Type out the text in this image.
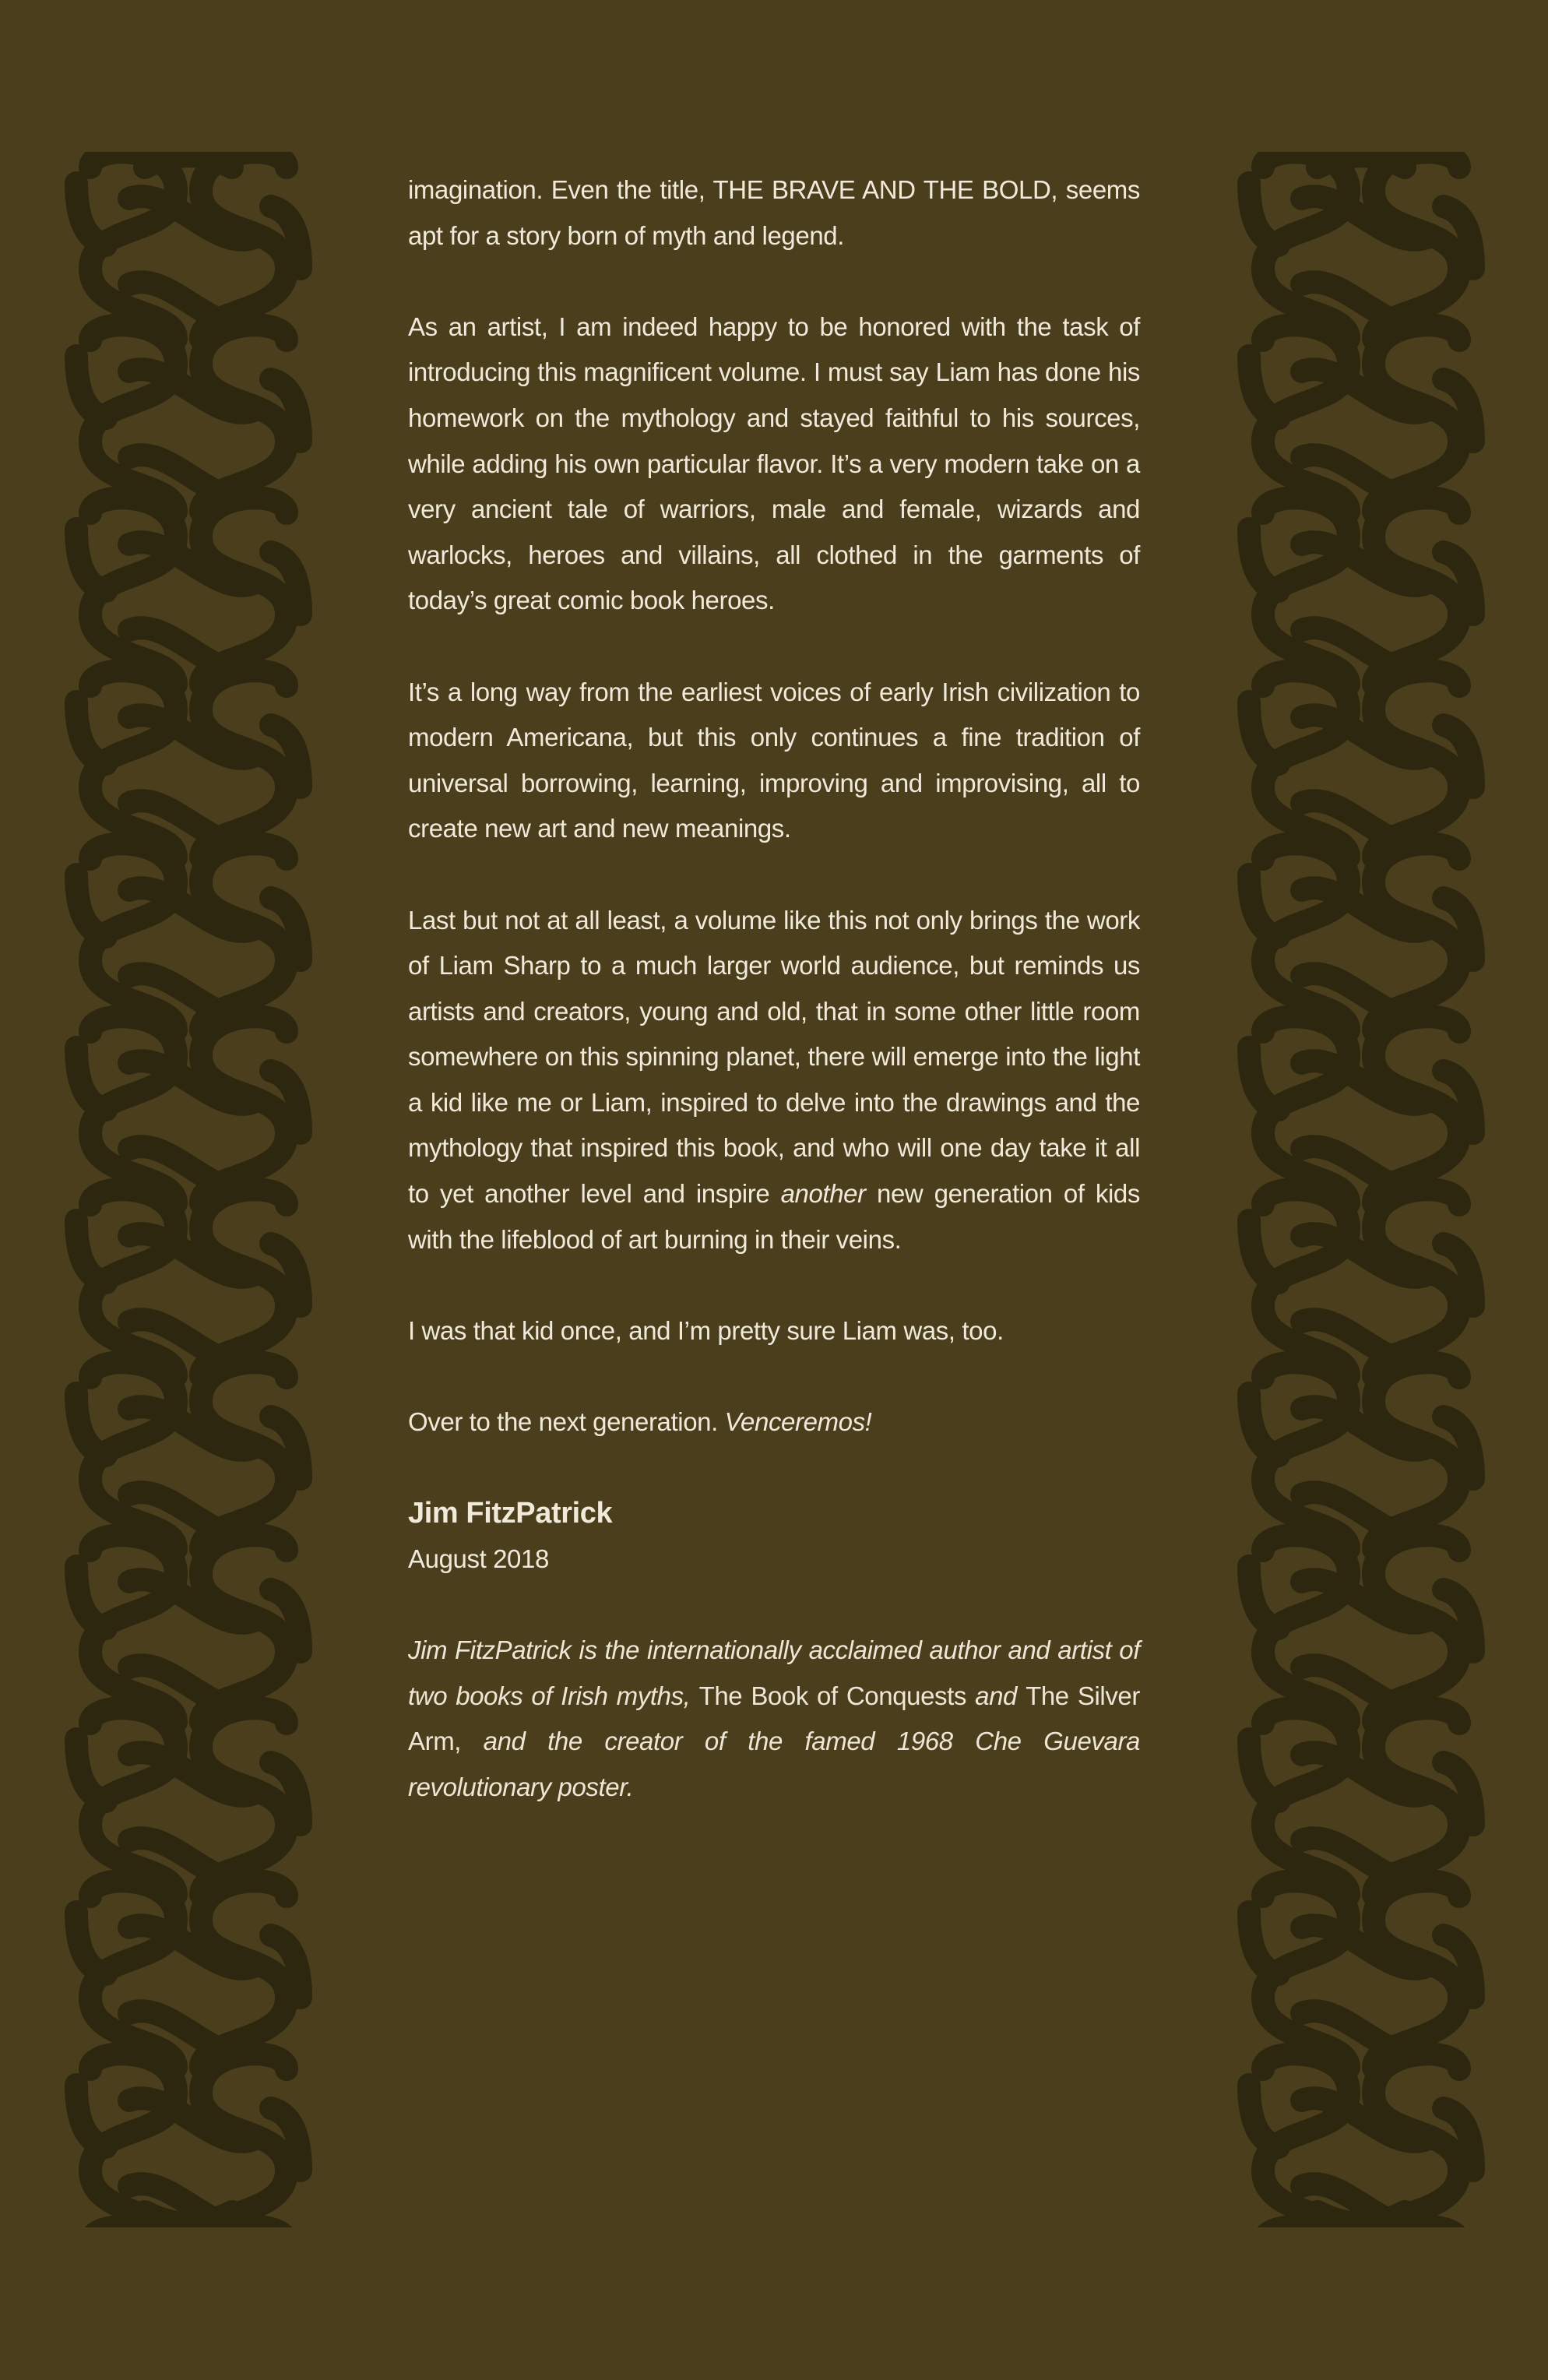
imagination. Even the title, THE BRAVE AND THE BOLD, seems apt for a story born of myth and legend.

As an artist, I am indeed happy to be honored with the task of introducing this magnificent volume. I must say Liam has done his homework on the mythology and stayed faithful to his sources, while adding his own particular flavor. It’s a very modern take on a very ancient tale of warriors, male and female, wizards and warlocks, heroes and villains, all clothed in the garments of today’s great comic book heroes.

It’s a long way from the earliest voices of early Irish civilization to modern Americana, but this only continues a fine tradition of universal borrowing, learning, improving and improvising, all to create new art and new meanings.

Last but not at all least, a volume like this not only brings the work of Liam Sharp to a much larger world audience, but reminds us artists and creators, young and old, that in some other little room somewhere on this spinning planet, there will emerge into the light a kid like me or Liam, inspired to delve into the drawings and the mythology that inspired this book, and who will one day take it all to yet another level and inspire another new generation of kids with the lifeblood of art burning in their veins.

I was that kid once, and I’m pretty sure Liam was, too.

Over to the next generation. Venceremos!

Jim FitzPatrick

August 2018

Jim FitzPatrick is the internationally acclaimed author and artist of two books of Irish myths, The Book of Conquests and The Silver Arm, and the creator of the famed 1968 Che Guevara revolutionary poster.
